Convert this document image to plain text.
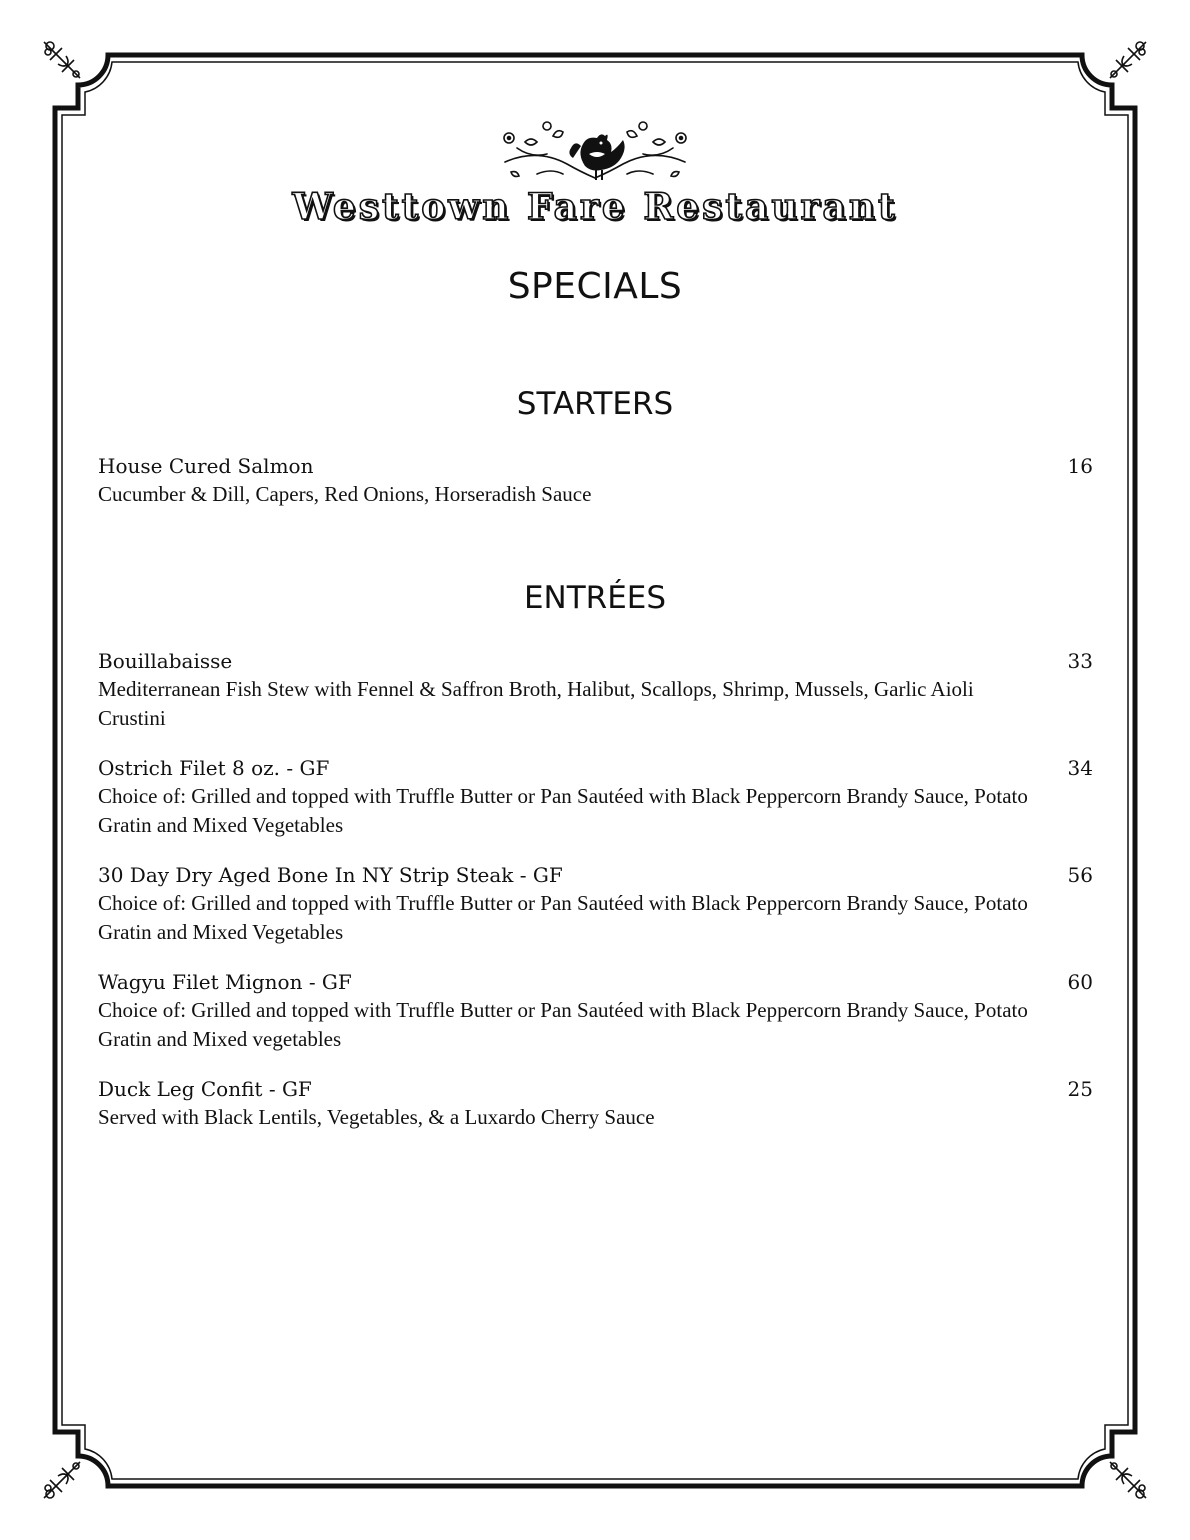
Westtown Fare Restaurant
SPECIALS
STARTERS
House Cured Salmon	16
Cucumber & Dill, Capers, Red Onions, Horseradish Sauce
ENTRÉES
Bouillabaisse	33
Mediterranean Fish Stew with Fennel & Saffron Broth, Halibut, Scallops, Shrimp, Mussels, Garlic Aioli Crustini
Ostrich Filet 8 oz. - GF	34
Choice of: Grilled and topped with Truffle Butter or Pan Sautéed with Black Peppercorn Brandy Sauce, Potato Gratin and Mixed Vegetables
30 Day Dry Aged Bone In NY Strip Steak - GF	56
Choice of: Grilled and topped with Truffle Butter or Pan Sautéed with Black Peppercorn Brandy Sauce, Potato Gratin and Mixed Vegetables
Wagyu Filet Mignon - GF	60
Choice of: Grilled and topped with Truffle Butter or Pan Sautéed with Black Peppercorn Brandy Sauce, Potato Gratin and Mixed vegetables
Duck Leg Confit - GF	25
Served with Black Lentils, Vegetables, & a Luxardo Cherry Sauce
